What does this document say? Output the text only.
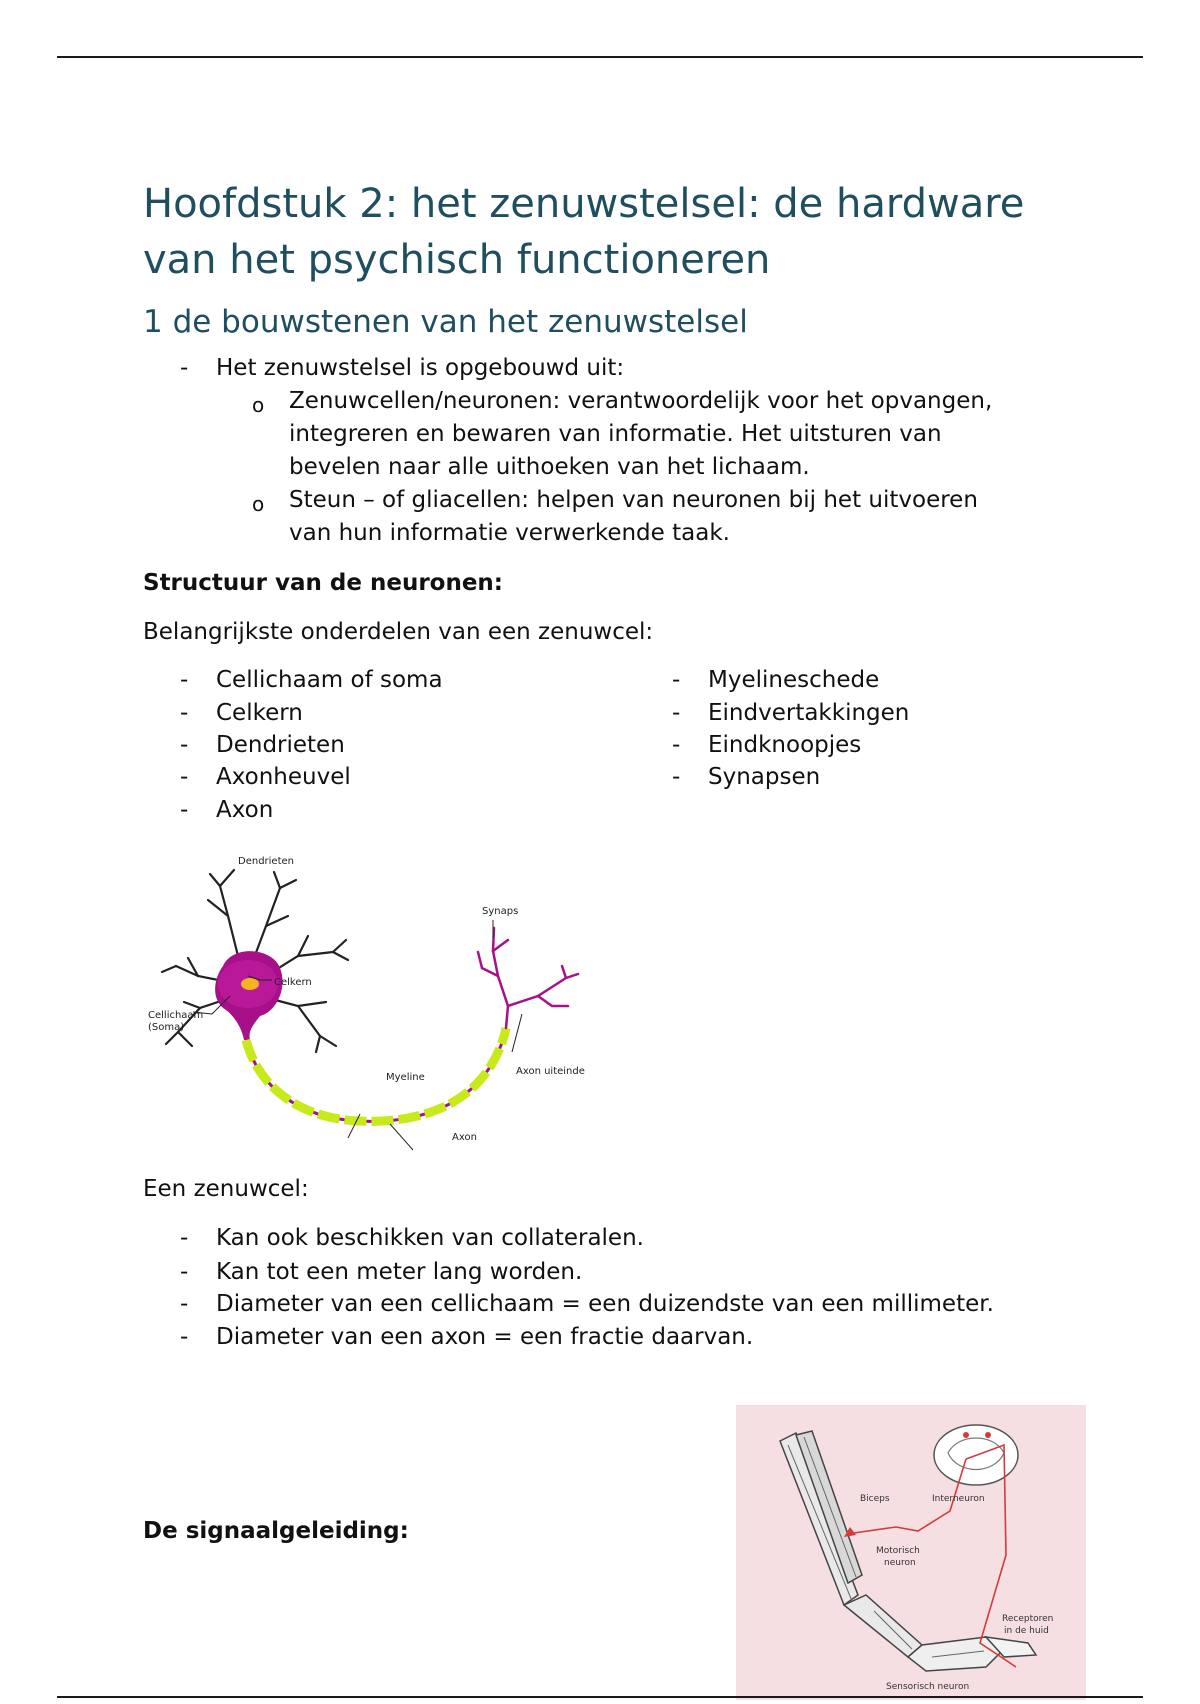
Hoofdstuk 2: het zenuwstelsel: de hardware van het psychisch functioneren
1 de bouwstenen van het zenuwstelsel
-	Het zenuwstelsel is opgebouwd uit:
o Zenuwcellen/neuronen: verantwoordelijk voor het opvangen,
integreren en bewaren van informatie. Het uitsturen van
bevelen naar alle uithoeken van het lichaam.
o Steun – of gliacellen: helpen van neuronen bij het uitvoeren
van hun informatie verwerkende taak.
Structuur van de neuronen:
Belangrijkste onderdelen van een zenuwcel:
-	Cellichaam of soma
-	Celkern
-	Dendrieten
-	Axonheuvel
-	Axon
-	Myelineschede
-	Eindvertakkingen
-	Eindknoopjes
-	Synapsen
Dendrieten
Celkern
Cellichaam
(Soma)
Synaps
Myeline
Axon uiteinde
Axon
Een zenuwcel:
-	Kan ook beschikken van collateralen.
-	Kan tot een meter lang worden.
-	Diameter van een cellichaam = een duizendste van een millimeter.
-	Diameter van een axon = een fractie daarvan.
De signaalgeleiding:
Biceps	Interneuron
Motorisch
neuron
Receptoren
in de huid
Sensorisch neuron
